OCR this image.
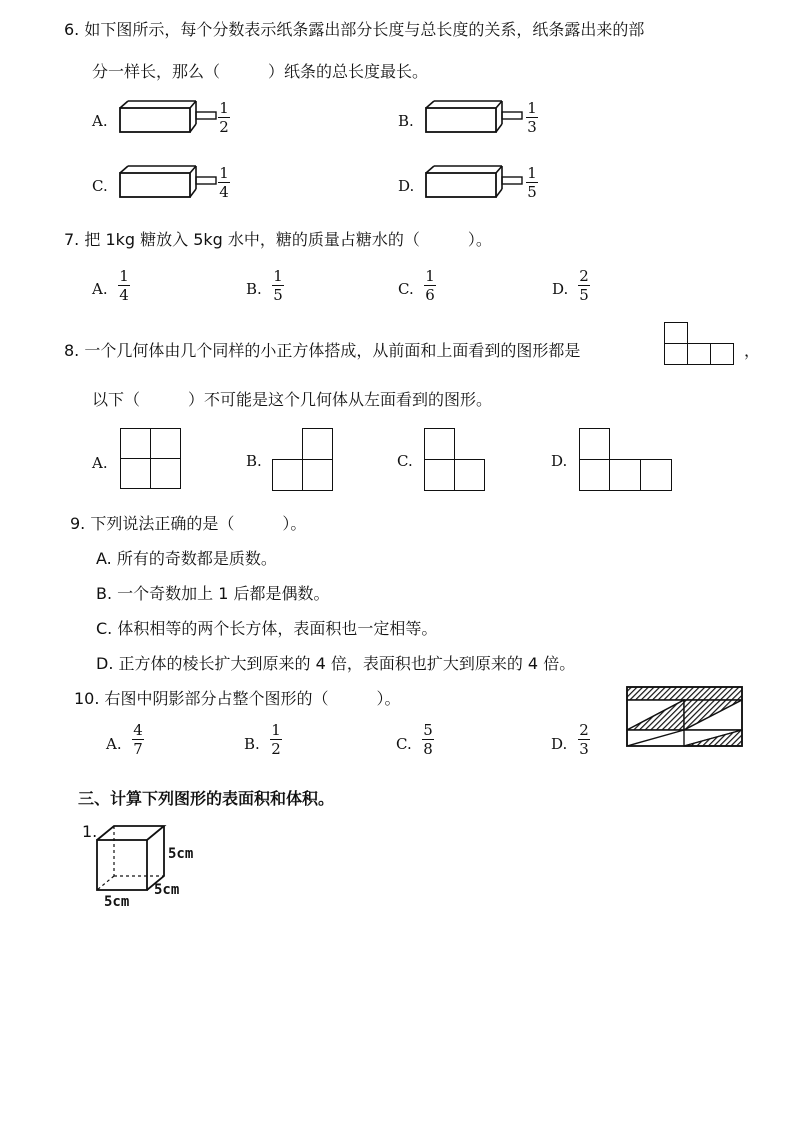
6. 如下图所示，每个分数表示纸条露出部分长度与总长度的关系，纸条露出来的部
分一样长，那么（　　　）纸条的总长度最长。
A.
1
2	B.
1
3
C.
1
4	D.
1
5
7. 把 1kg 糖放入 5kg 水中，糖的质量占糖水的（　　　）。
A.
1
4	B.
1
5	C.
1
6	D.
2
5
8. 一个几何体由几个同样的小正方体搭成，从前面和上面看到的图形都是	，
以下（　　　）不可能是这个几何体从左面看到的图形。
A.	B.	C.	D.
9. 下列说法正确的是（　　　）。
A. 所有的奇数都是质数。
B. 一个奇数加上 1 后都是偶数。
C. 体积相等的两个长方体，表面积也一定相等。
D. 正方体的棱长扩大到原来的 4 倍，表面积也扩大到原来的 4 倍。
10. 右图中阴影部分占整个图形的（　　　）。
A.
4
7	B.
1
2	C.
5
8	D.
2
3
三、计算下列图形的表面积和体积。
1.
5cm
5cm
5cm
